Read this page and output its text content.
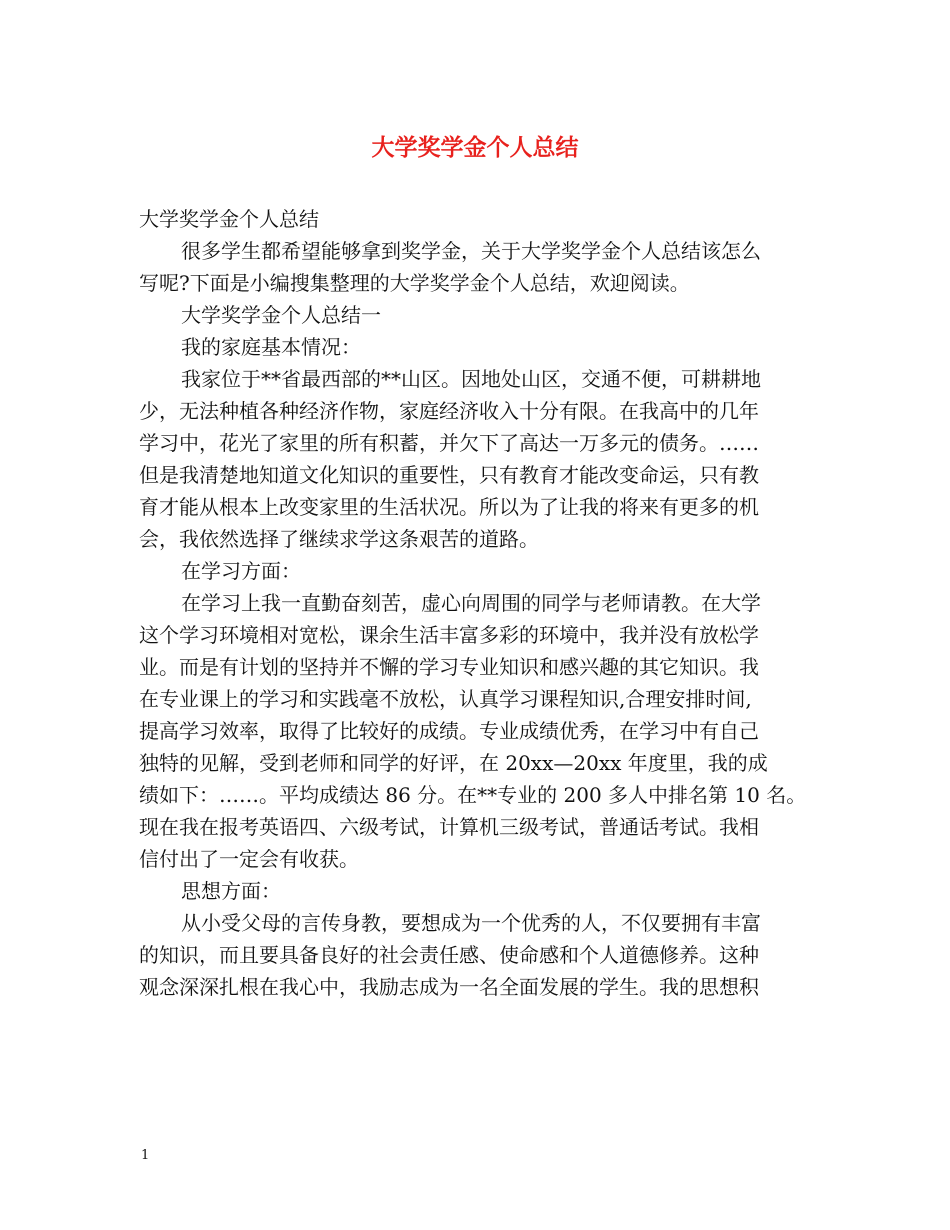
大学奖学金个人总结
大学奖学金个人总结
很多学生都希望能够拿到奖学金，关于大学奖学金个人总结该怎么
写呢?下面是小编搜集整理的大学奖学金个人总结，欢迎阅读。
大学奖学金个人总结一
我的家庭基本情况：
我家位于**省最西部的**山区。因地处山区，交通不便，可耕耕地
少，无法种植各种经济作物，家庭经济收入十分有限。在我高中的几年
学习中，花光了家里的所有积蓄，并欠下了高达一万多元的债务。……
但是我清楚地知道文化知识的重要性，只有教育才能改变命运，只有教
育才能从根本上改变家里的生活状况。所以为了让我的将来有更多的机
会，我依然选择了继续求学这条艰苦的道路。
在学习方面：
在学习上我一直勤奋刻苦，虚心向周围的同学与老师请教。在大学
这个学习环境相对宽松，课余生活丰富多彩的环境中，我并没有放松学
业。而是有计划的坚持并不懈的学习专业知识和感兴趣的其它知识。我
在专业课上的学习和实践毫不放松，认真学习课程知识,合理安排时间,
提高学习效率，取得了比较好的成绩。专业成绩优秀，在学习中有自己
独特的见解，受到老师和同学的好评，在 20xx—20xx 年度里，我的成
绩如下：……。平均成绩达 86 分。在**专业的 200 多人中排名第 10 名。
现在我在报考英语四、六级考试，计算机三级考试，普通话考试。我相
信付出了一定会有收获。
思想方面：
从小受父母的言传身教，要想成为一个优秀的人，不仅要拥有丰富
的知识，而且要具备良好的社会责任感、使命感和个人道德修养。这种
观念深深扎根在我心中，我励志成为一名全面发展的学生。我的思想积
1
